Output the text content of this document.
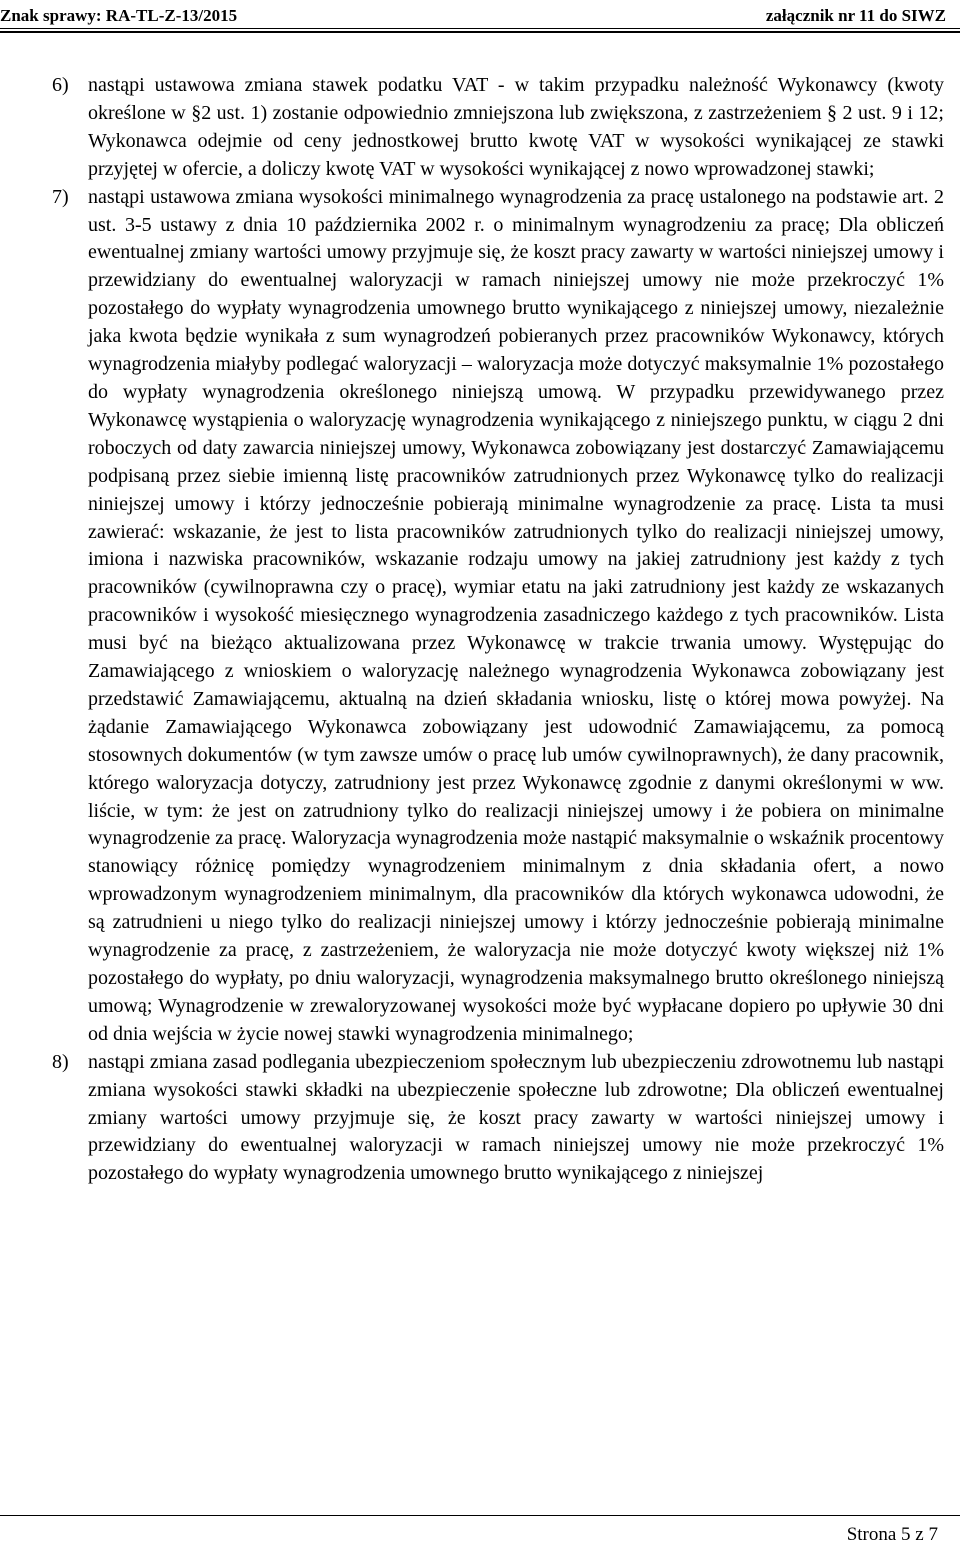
Znak sprawy: RA-TL-Z-13/2015	załącznik nr 11 do SIWZ
6) nastąpi ustawowa zmiana stawek podatku VAT - w takim przypadku należność Wykonawcy (kwoty określone w §2 ust. 1) zostanie odpowiednio zmniejszona lub zwiększona, z zastrzeżeniem § 2 ust. 9 i 12; Wykonawca odejmie od ceny jednostkowej brutto kwotę VAT w wysokości wynikającej ze stawki przyjętej w ofercie, a doliczy kwotę VAT w wysokości wynikającej z nowo wprowadzonej stawki;
7) nastąpi ustawowa zmiana wysokości minimalnego wynagrodzenia za pracę ustalonego na podstawie art. 2 ust. 3-5 ustawy z dnia 10 października 2002 r. o minimalnym wynagrodzeniu za pracę; Dla obliczeń ewentualnej zmiany wartości umowy przyjmuje się, że koszt pracy zawarty w wartości niniejszej umowy i przewidziany do ewentualnej waloryzacji w ramach niniejszej umowy nie może przekroczyć 1% pozostałego do wypłaty wynagrodzenia umownego brutto wynikającego z niniejszej umowy, niezależnie jaka kwota będzie wynikała z sum wynagrodzeń pobieranych przez pracowników Wykonawcy, których wynagrodzenia miałyby podlegać waloryzacji – waloryzacja może dotyczyć maksymalnie 1% pozostałego do wypłaty wynagrodzenia określonego niniejszą umową. W przypadku przewidywanego przez Wykonawcę wystąpienia o waloryzację wynagrodzenia wynikającego z niniejszego punktu, w ciągu 2 dni roboczych od daty zawarcia niniejszej umowy, Wykonawca zobowiązany jest dostarczyć Zamawiającemu podpisaną przez siebie imienną listę pracowników zatrudnionych przez Wykonawcę tylko do realizacji niniejszej umowy i którzy jednocześnie pobierają minimalne wynagrodzenie za pracę. Lista ta musi zawierać: wskazanie, że jest to lista pracowników zatrudnionych tylko do realizacji niniejszej umowy, imiona i nazwiska pracowników, wskazanie rodzaju umowy na jakiej zatrudniony jest każdy z tych pracowników (cywilnoprawna czy o pracę), wymiar etatu na jaki zatrudniony jest każdy ze wskazanych pracowników i wysokość miesięcznego wynagrodzenia zasadniczego każdego z tych pracowników. Lista musi być na bieżąco aktualizowana przez Wykonawcę w trakcie trwania umowy. Występując do Zamawiającego z wnioskiem o waloryzację należnego wynagrodzenia Wykonawca zobowiązany jest przedstawić Zamawiającemu, aktualną na dzień składania wniosku, listę o której mowa powyżej. Na żądanie Zamawiającego Wykonawca zobowiązany jest udowodnić Zamawiającemu, za pomocą stosownych dokumentów (w tym zawsze umów o pracę lub umów cywilnoprawnych), że dany pracownik, którego waloryzacja dotyczy, zatrudniony jest przez Wykonawcę zgodnie z danymi określonymi w ww. liście, w tym: że jest on zatrudniony tylko do realizacji niniejszej umowy i że pobiera on minimalne wynagrodzenie za pracę. Waloryzacja wynagrodzenia może nastąpić maksymalnie o wskaźnik procentowy stanowiący różnicę pomiędzy wynagrodzeniem minimalnym z dnia składania ofert, a nowo wprowadzonym wynagrodzeniem minimalnym, dla pracowników dla których wykonawca udowodni, że są zatrudnieni u niego tylko do realizacji niniejszej umowy i którzy jednocześnie pobierają minimalne wynagrodzenie za pracę, z zastrzeżeniem, że waloryzacja nie może dotyczyć kwoty większej niż 1% pozostałego do wypłaty, po dniu waloryzacji, wynagrodzenia maksymalnego brutto określonego niniejszą umową; Wynagrodzenie w zrewaloryzowanej wysokości może być wypłacane dopiero po upływie 30 dni od dnia wejścia w życie nowej stawki wynagrodzenia minimalnego;
8) nastąpi zmiana zasad podlegania ubezpieczeniom społecznym lub ubezpieczeniu zdrowotnemu lub nastąpi zmiana wysokości stawki składki na ubezpieczenie społeczne lub zdrowotne; Dla obliczeń ewentualnej zmiany wartości umowy przyjmuje się, że koszt pracy zawarty w wartości niniejszej umowy i przewidziany do ewentualnej waloryzacji w ramach niniejszej umowy nie może przekroczyć 1% pozostałego do wypłaty wynagrodzenia umownego brutto wynikającego z niniejszej
Strona 5 z 7
